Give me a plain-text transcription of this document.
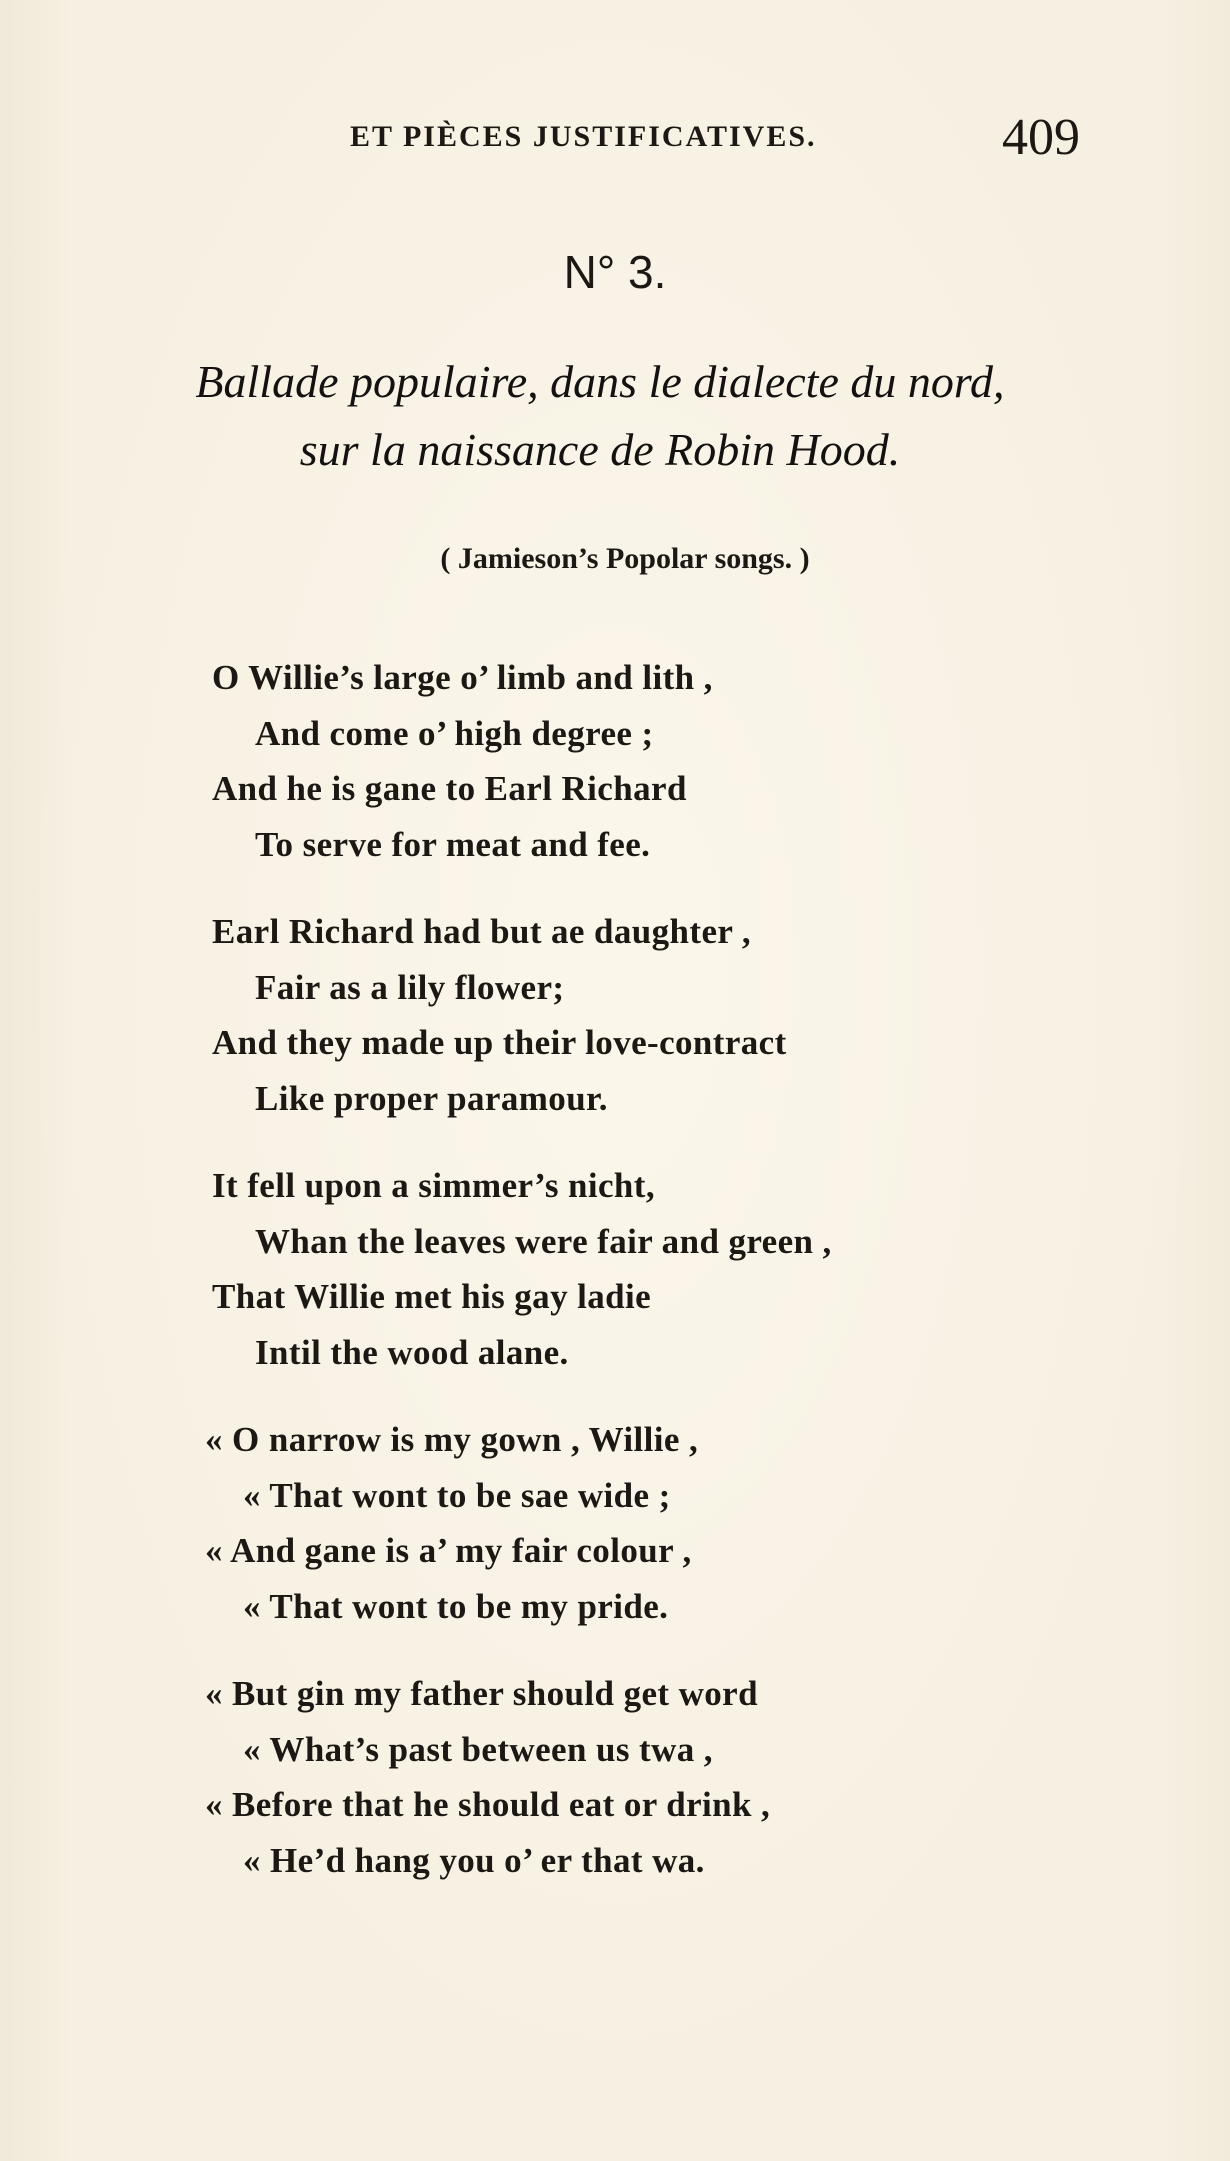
ET PIÈCES JUSTIFICATIVES.	409
N° 3.
Ballade populaire, dans le dialecte du nord,
sur la naissance de Robin Hood.
( Jamieson’s Popolar songs. )
O Willie’s large o’ limb and lith ,
And come o’ high degree ;
And he is gane to Earl Richard
To serve for meat and fee.
Earl Richard had but ae daughter ,
Fair as a lily flower;
And they made up their love-contract
Like proper paramour.
It fell upon a simmer’s nicht,
Whan the leaves were fair and green ,
That Willie met his gay ladie
Intil the wood alane.
« O narrow is my gown , Willie ,
« That wont to be sae wide ;
« And gane is a’ my fair colour ,
« That wont to be my pride.
« But gin my father should get word
« What’s past between us twa ,
« Before that he should eat or drink ,
« He’d hang you o’ er that wa.
